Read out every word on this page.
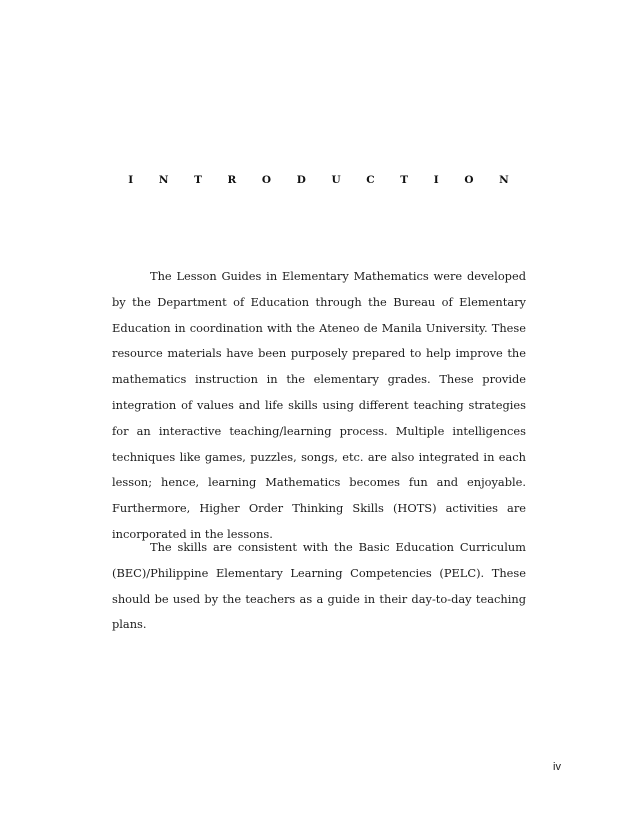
I N T R O D U C T I O N

The Lesson Guides in Elementary Mathematics were developed by the Department of Education through the Bureau of Elementary Education in coordination with the Ateneo de Manila University. These resource materials have been purposely prepared to help improve the mathematics instruction in the elementary grades. These provide integration of values and life skills using different teaching strategies for an interactive teaching/learning process. Multiple intelligences techniques like games, puzzles, songs, etc. are also integrated in each lesson; hence, learning Mathematics becomes fun and enjoyable. Furthermore, Higher Order Thinking Skills (HOTS) activities are incorporated in the lessons.

The skills are consistent with the Basic Education Curriculum (BEC)/Philippine Elementary Learning Competencies (PELC). These should be used by the teachers as a guide in their day-to-day teaching plans.

iv
